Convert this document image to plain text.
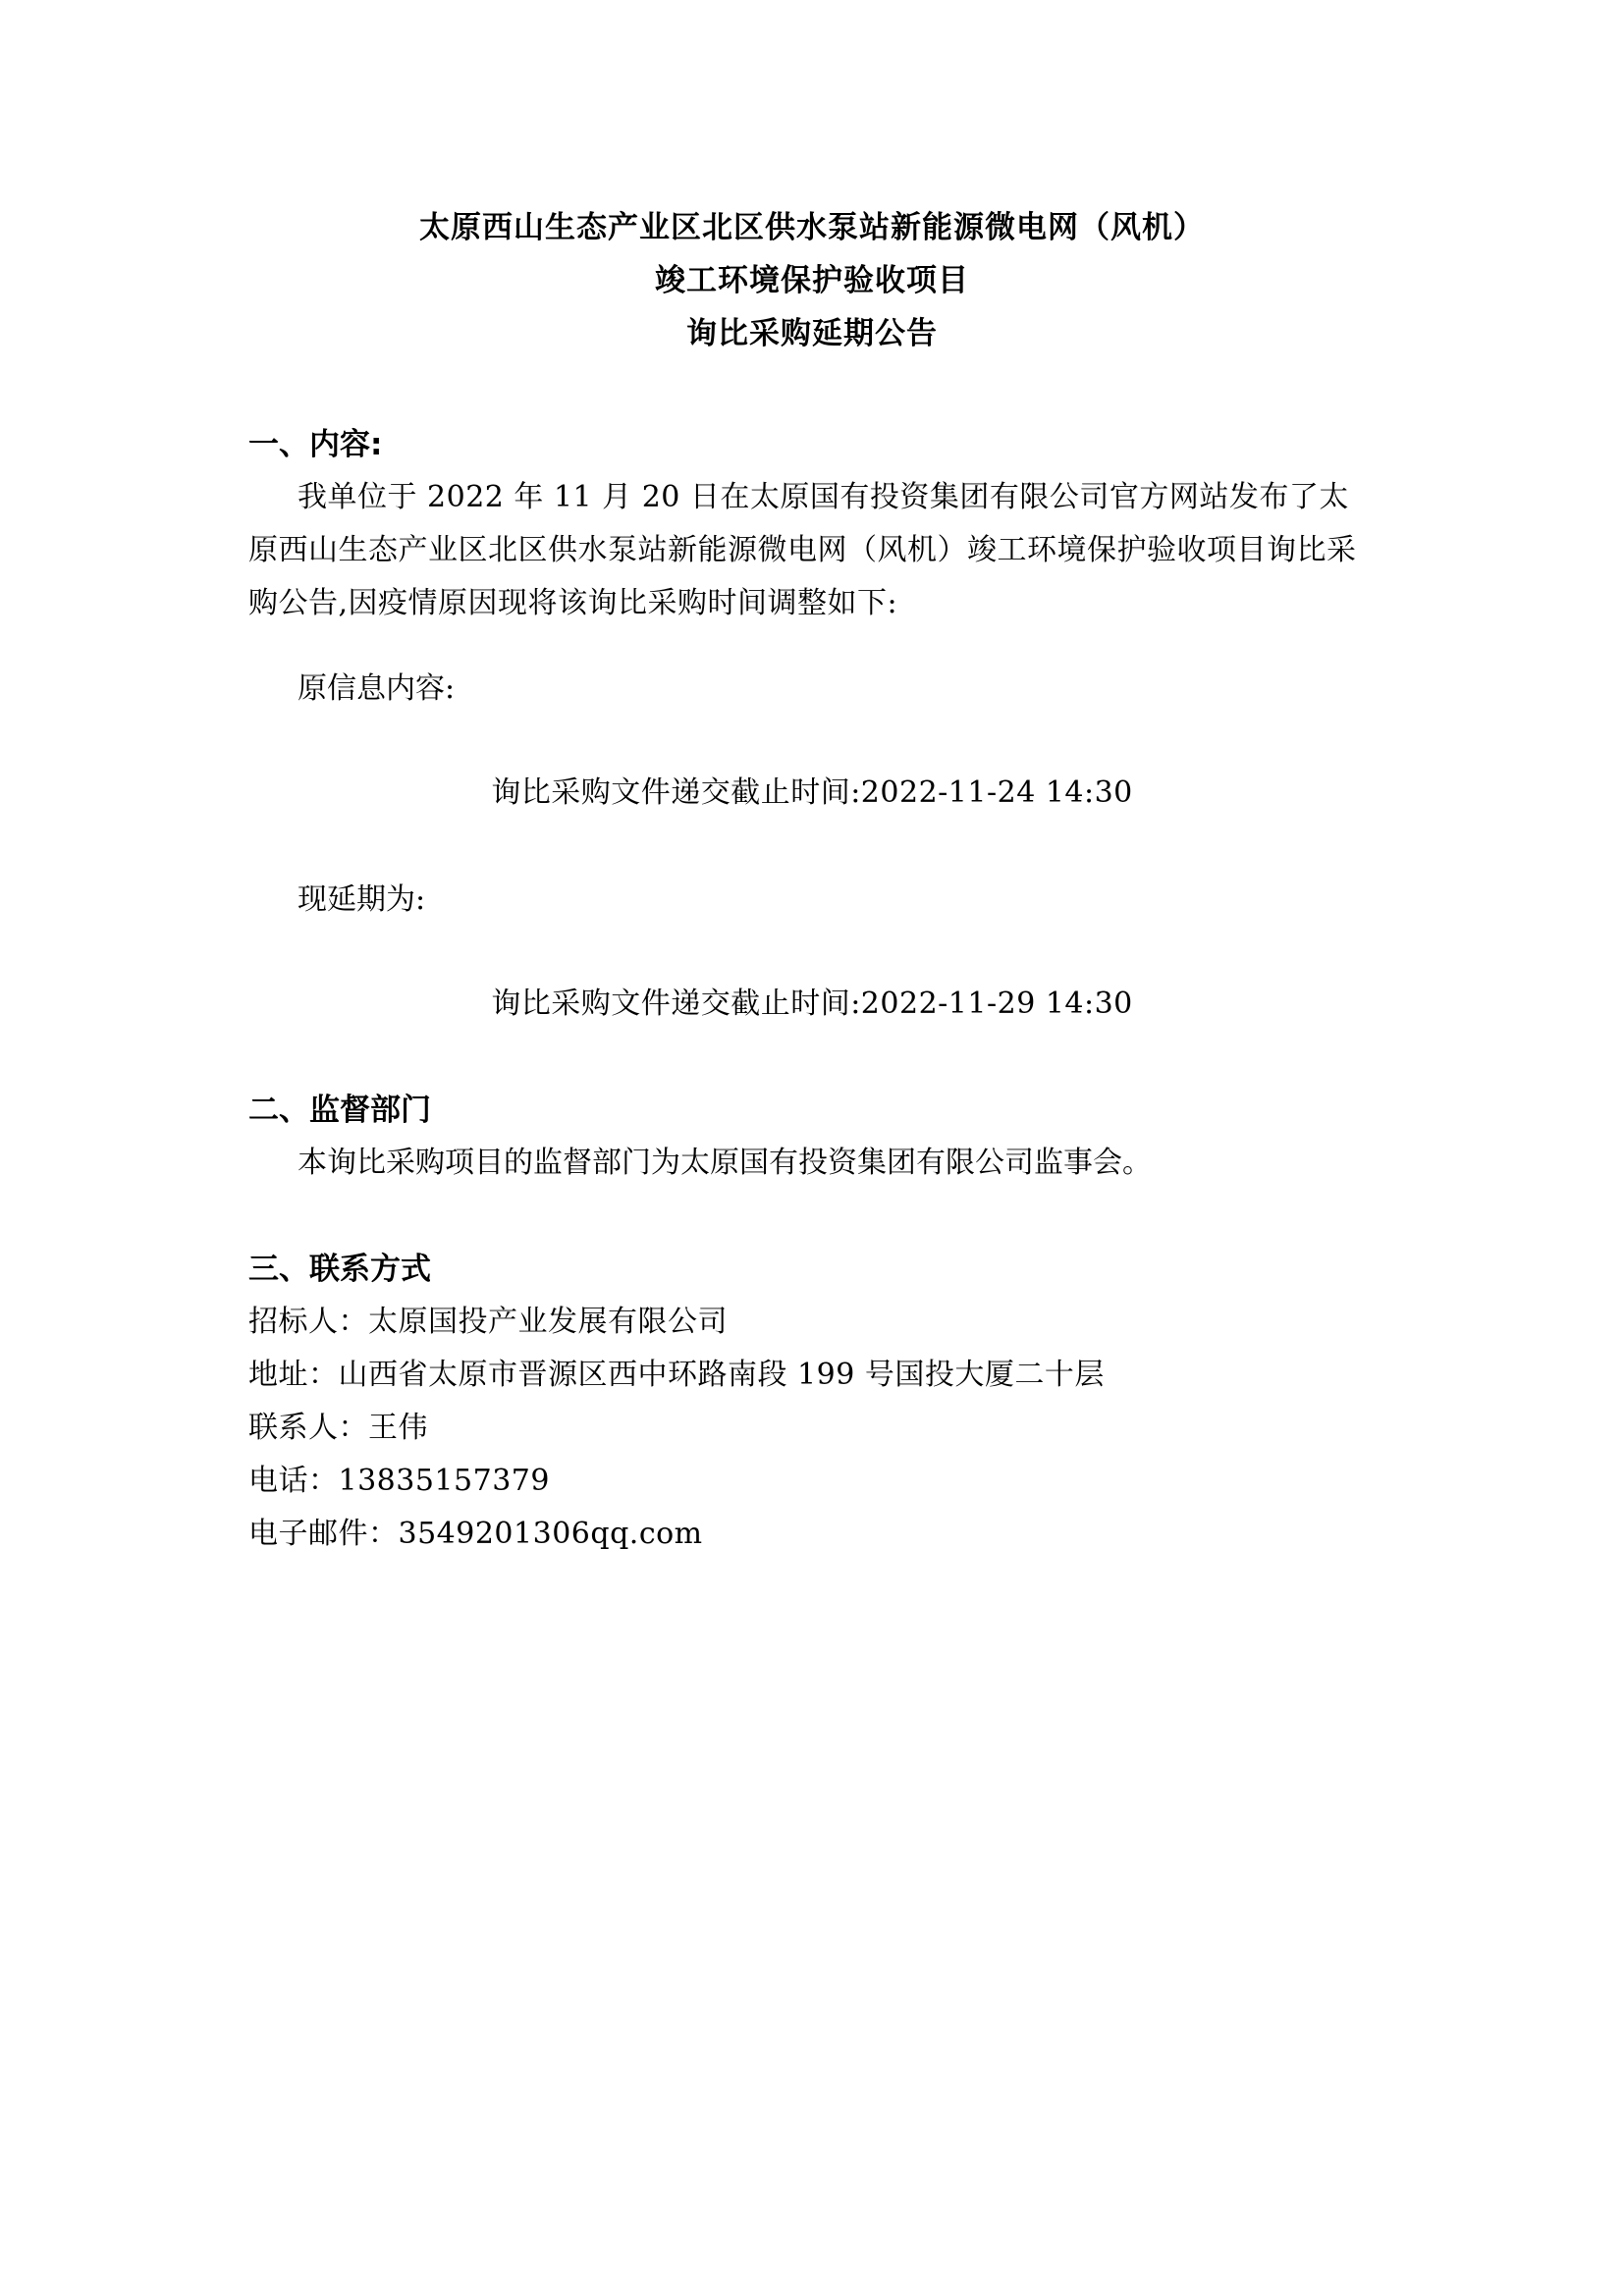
太原西山生态产业区北区供水泵站新能源微电网（风机）
竣工环境保护验收项目
询比采购延期公告
一、内容:
我单位于 2022 年 11 月 20 日在太原国有投资集团有限公司官方网站发布了太原西山生态产业区北区供水泵站新能源微电网（风机）竣工环境保护验收项目询比采购公告,因疫情原因现将该询比采购时间调整如下:
原信息内容:
询比采购文件递交截止时间:2022-11-24 14:30
现延期为:
询比采购文件递交截止时间:2022-11-29 14:30
二、监督部门
本询比采购项目的监督部门为太原国有投资集团有限公司监事会。
三、联系方式
招标人：太原国投产业发展有限公司
地址：山西省太原市晋源区西中环路南段 199 号国投大厦二十层
联系人：王伟
电话：13835157379
电子邮件：3549201306qq.com
